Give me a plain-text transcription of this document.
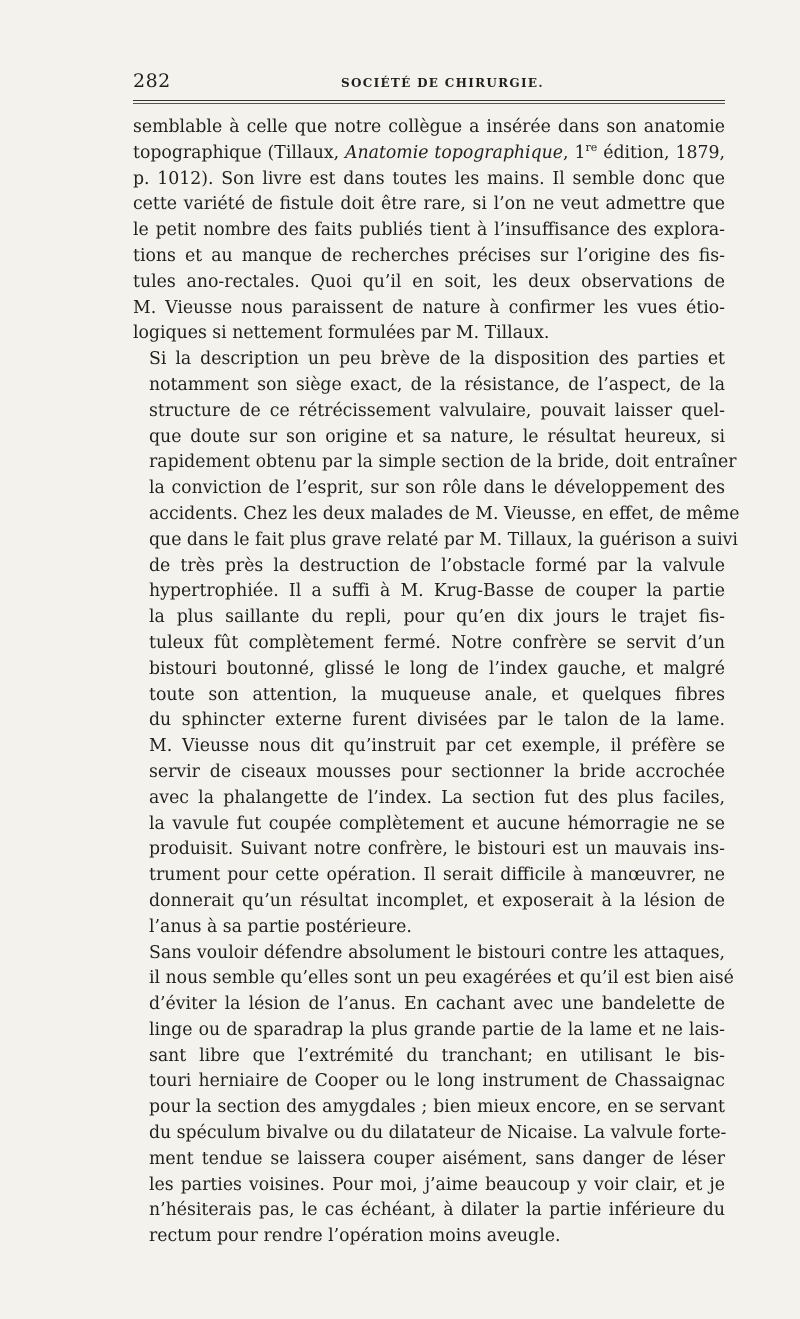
282	SOCIÉTÉ DE CHIRURGIE.

semblable à celle que notre collègue a insérée dans son anatomie
topographique (Tillaux, Anatomie topographique, 1re édition, 1879,
p. 1012). Son livre est dans toutes les mains. Il semble donc que
cette variété de fistule doit être rare, si l’on ne veut admettre que
le petit nombre des faits publiés tient à l’insuffisance des explora-
tions et au manque de recherches précises sur l’origine des fis-
tules ano-rectales. Quoi qu’il en soit, les deux observations de
M. Vieusse nous paraissent de nature à confirmer les vues étio-
logiques si nettement formulées par M. Tillaux.

Si la description un peu brève de la disposition des parties et
notamment son siège exact, de la résistance, de l’aspect, de la
structure de ce rétrécissement valvulaire, pouvait laisser quel-
que doute sur son origine et sa nature, le résultat heureux, si
rapidement obtenu par la simple section de la bride, doit entraîner
la conviction de l’esprit, sur son rôle dans le développement des
accidents. Chez les deux malades de M. Vieusse, en effet, de même
que dans le fait plus grave relaté par M. Tillaux, la guérison a suivi
de très près la destruction de l’obstacle formé par la valvule
hypertrophiée. Il a suffi à M. Krug-Basse de couper la partie
la plus saillante du repli, pour qu’en dix jours le trajet fis-
tuleux fût complètement fermé. Notre confrère se servit d’un
bistouri boutonné, glissé le long de l’index gauche, et malgré
toute son attention, la muqueuse anale, et quelques fibres
du sphincter externe furent divisées par le talon de la lame.
M. Vieusse nous dit qu’instruit par cet exemple, il préfère se
servir de ciseaux mousses pour sectionner la bride accrochée
avec la phalangette de l’index. La section fut des plus faciles,
la vavule fut coupée complètement et aucune hémorragie ne se
produisit. Suivant notre confrère, le bistouri est un mauvais ins-
trument pour cette opération. Il serait difficile à manœuvrer, ne
donnerait qu’un résultat incomplet, et exposerait à la lésion de
l’anus à sa partie postérieure.

Sans vouloir défendre absolument le bistouri contre les attaques,
il nous semble qu’elles sont un peu exagérées et qu’il est bien aisé
d’éviter la lésion de l’anus. En cachant avec une bandelette de
linge ou de sparadrap la plus grande partie de la lame et ne lais-
sant libre que l’extrémité du tranchant; en utilisant le bis-
touri herniaire de Cooper ou le long instrument de Chassaignac
pour la section des amygdales ; bien mieux encore, en se servant
du spéculum bivalve ou du dilatateur de Nicaise. La valvule forte-
ment tendue se laissera couper aisément, sans danger de léser
les parties voisines. Pour moi, j’aime beaucoup y voir clair, et je
n’hésiterais pas, le cas échéant, à dilater la partie inférieure du
rectum pour rendre l’opération moins aveugle.
